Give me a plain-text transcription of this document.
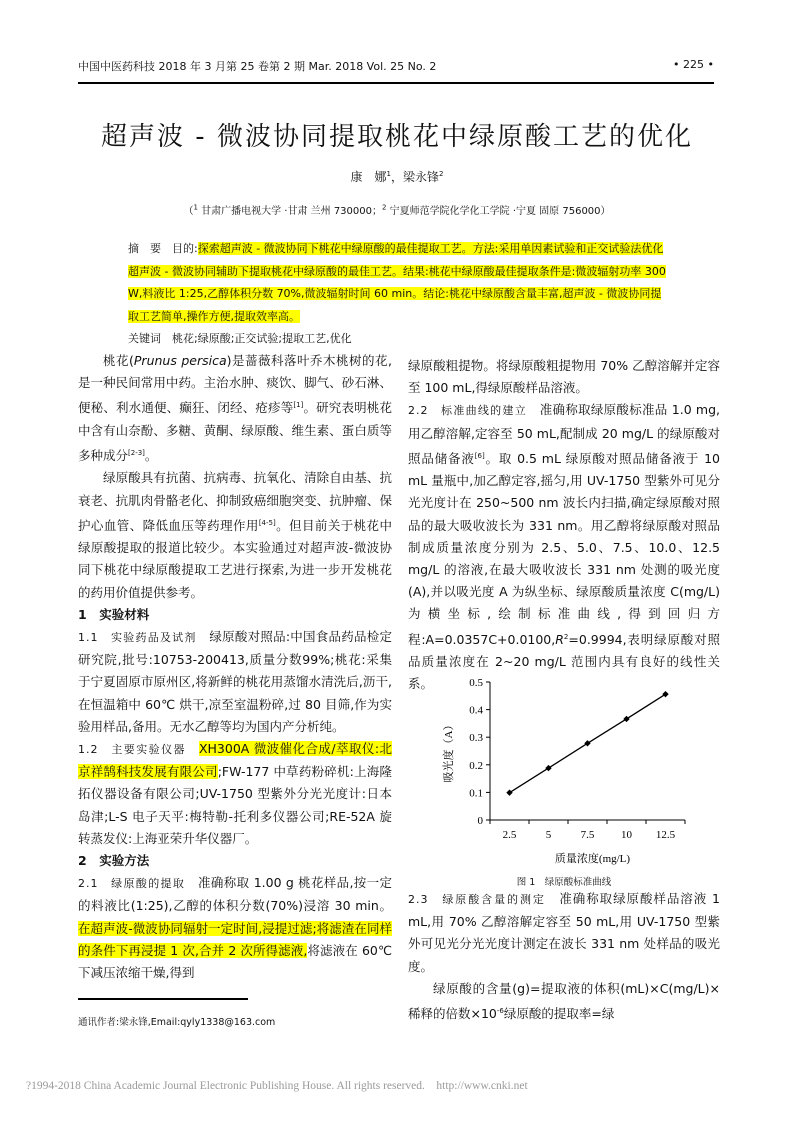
中国中医药科技 2018 年 3 月第 25 卷第 2 期 Mar. 2018 Vol. 25 No. 2	• 225 •
超声波 - 微波协同提取桃花中绿原酸工艺的优化
康　娜$^1$，梁永锋$^2$
（$^1$ 甘肃广播电视大学 ·甘肃 兰州 730000；$^2$ 宁夏师范学院化学化工学院 ·宁夏 固原 756000）
摘　要　 目的:探索超声波 - 微波协同下桃花中绿原酸的最佳提取工艺。方法:采用单因素试验和正交试验法优化超声波 - 微波协同辅助下提取桃花中绿原酸的最佳工艺。结果:桃花中绿原酸最佳提取条件是:微波辐射功率 300 W,料液比 1:25,乙醇体积分数 70%,微波辐射时间 60 min。结论:桃花中绿原酸含量丰富,超声波 - 微波协同提取工艺简单,操作方便,提取效率高。
关键词　 桃花;绿原酸;正交试验;提取工艺,优化

桃花(Prunus persica)是蔷薇科落叶乔木桃树的花,是一种民间常用中药。主治水肿、痰饮、脚气、砂石淋、便秘、利水通便、癫狂、闭经、疮疹等[1]。研究表明桃花中含有山奈酚、多糖、黄酮、绿原酸、维生素、蛋白质等多种成分[2-3]。

绿原酸具有抗菌、抗病毒、抗氧化、清除自由基、抗衰老、抗肌肉骨骼老化、抑制致癌细胞突变、抗肿瘤、保护心血管、降低血压等药理作用[4-5]。但目前关于桃花中绿原酸提取的报道比较少。本实验通过对超声波-微波协同下桃花中绿原酸提取工艺进行探索,为进一步开发桃花的药用价值提供参考。

1　实验材料

1.1　实验药品及试剂　绿原酸对照品:中国食品药品检定研究院,批号:10753-200413,质量分数99%;桃花:采集于宁夏固原市原州区,将新鲜的桃花用蒸馏水清洗后,沥干,在恒温箱中 60℃ 烘干,凉至室温粉碎,过 80 目筛,作为实验用样品,备用。无水乙醇等均为国内产分析纯。

1.2　主要实验仪器　 XH300A 微波催化合成/萃取仪:北京祥鹄科技发展有限公司;FW-177 中草药粉碎机:上海隆拓仪器设备有限公司;UV-1750 型紫外分光光度计:日本岛津;L-S 电子天平:梅特勒-托利多仪器公司;RE-52A 旋转蒸发仪:上海亚荣升华仪器厂。

2　实验方法

2.1　绿原酸的提取　准确称取 1.00 g 桃花样品,按一定的料液比(1:25),乙醇的体积分数(70%)浸溶 30 min。在超声波-微波协同辐射一定时间,浸提过滤;将滤渣在同样的条件下再浸提 1 次,合并 2 次所得滤液,将滤液在 60℃ 下减压浓缩干燥,得到

绿原酸粗提物。将绿原酸粗提物用 70% 乙醇溶解并定容至 100 mL,得绿原酸样品溶液。

2.2　标准曲线的建立　准确称取绿原酸标准品 1.0 mg,用乙醇溶解,定容至 50 mL,配制成 20 mg/L 的绿原酸对照品储备液[6]。取 0.5 mL 绿原酸对照品储备液于 10 mL 量瓶中,加乙醇定容,摇匀,用 UV-1750 型紫外可见分光光度计在 250~500 nm 波长内扫描,确定绿原酸对照品的最大吸收波长为 331 nm。用乙醇将绿原酸对照品制成质量浓度分别为 2.5、5.0、7.5、10.0、12.5 mg/L 的溶液,在最大吸收波长 331 nm 处测的吸光度(A),并以吸光度 A 为纵坐标、绿原酸质量浓度 C(mg/L)为横坐标,绘制标准曲线,得到回归方程$:A=0.0357C+0.0100,R^2=0.9994$,表明绿原酸对照品质量浓度在 2~20 mg/L 范围内具有良好的线性关系。

0
0.1
0.2
0.3
0.4
0.5
2.5	5	7.5 10 12.5
质量浓度(mg/L)
吸光度（A）
图 1　绿原酸标准曲线

2.3　绿原酸含量的测定　准确称取绿原酸样品溶液 1 mL,用 70% 乙醇溶解定容至 50 mL,用 UV-1750 型紫外可见光分光光度计测定在波长 331 nm 处样品的吸光度。

绿原酸的含量(g)=提取液的体积(mL)×C(mg/L)×稀释的倍数$\times 10^{-6}$绿原酸的提取率=绿

通讯作者:梁永锋,Email:qyly1338@163.com
?1994-2018 China Academic Journal Electronic Publishing House. All rights reserved.    http://www.cnki.net
